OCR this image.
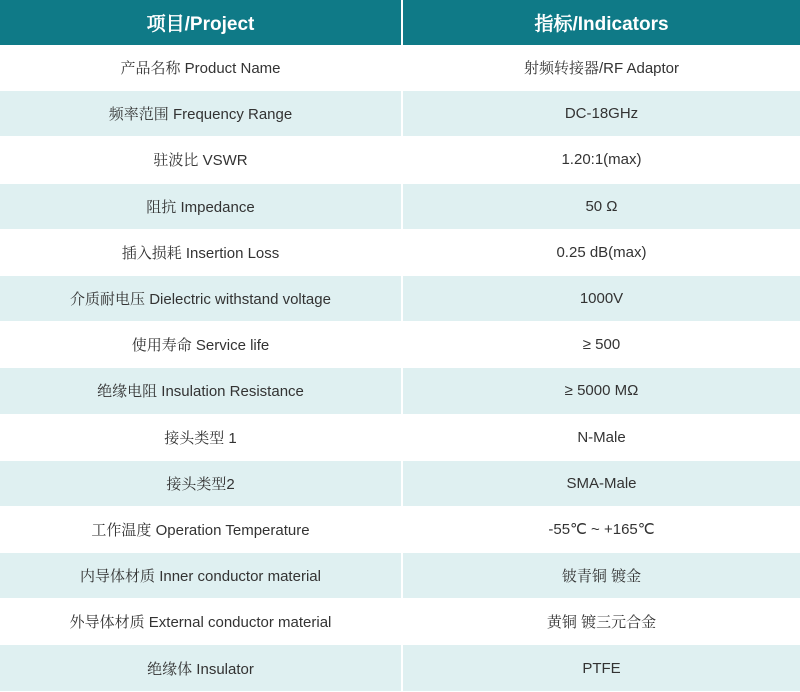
项目/Project	指标/Indicators
产品名称 Product Name	射频转接器/RF Adaptor
频率范围 Frequency Range	DC-18GHz
驻波比 VSWR	1.20:1(max)
阻抗 Impedance	50 Ω
插入损耗 Insertion Loss	0.25 dB(max)
介质耐电压 Dielectric withstand voltage	1000V
使用寿命 Service life	≥ 500
绝缘电阻 Insulation Resistance	≥ 5000 MΩ
接头类型 1	N-Male
接头类型2	SMA-Male
工作温度 Operation Temperature	-55℃ ~ +165℃
内导体材质 Inner conductor material	铍青铜 镀金
外导体材质 External conductor material	黄铜 镀三元合金
绝缘体 Insulator	PTFE
